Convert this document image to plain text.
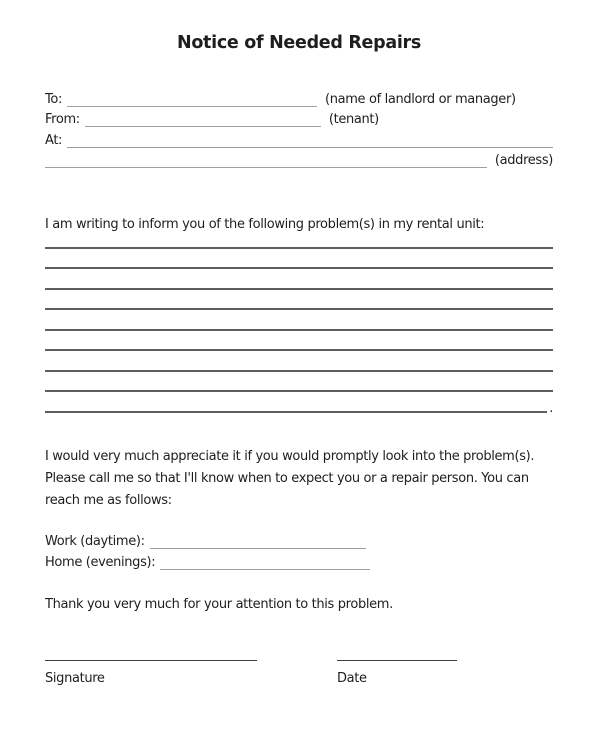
Notice of Needed Repairs
To:	(name of landlord or manager)
From:	(tenant)
At:
(address)
I am writing to inform you of the following problem(s) in my rental unit:
.
I would very much appreciate it if you would promptly look into the problem(s).
Please call me so that I'll know when to expect you or a repair person. You can
reach me as follows:
Work (daytime):
Home (evenings):
Thank you very much for your attention to this problem.
Signature	Date
